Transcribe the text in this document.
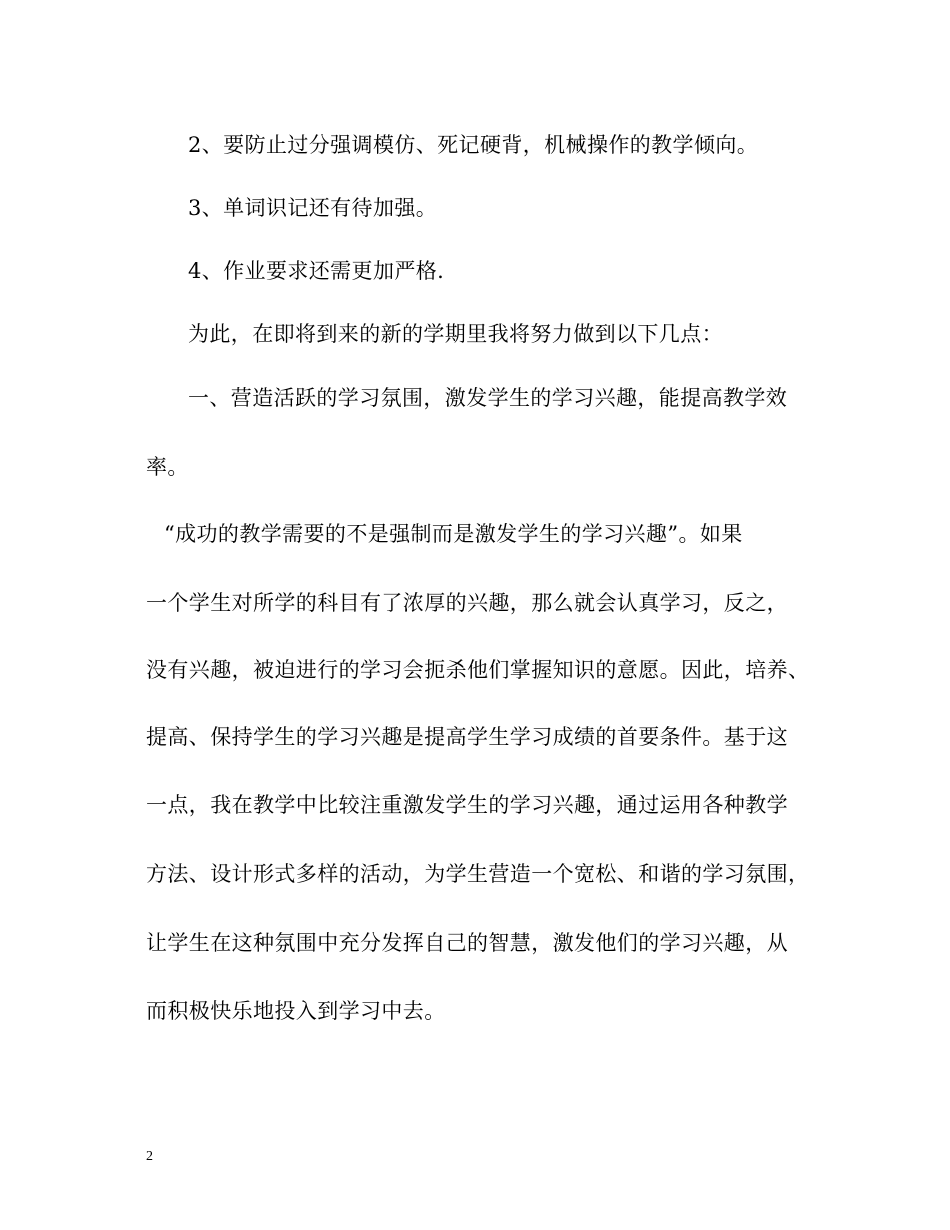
2、要防止过分强调模仿、死记硬背，机械操作的教学倾向。
3、单词识记还有待加强。
4、作业要求还需更加严格.
为此，在即将到来的新的学期里我将努力做到以下几点：
一、营造活跃的学习氛围，激发学生的学习兴趣，能提高教学效
率。
“成功的教学需要的不是强制而是激发学生的学习兴趣”。如果
一个学生对所学的科目有了浓厚的兴趣，那么就会认真学习，反之，
没有兴趣，被迫进行的学习会扼杀他们掌握知识的意愿。因此，培养、
提高、保持学生的学习兴趣是提高学生学习成绩的首要条件。基于这
一点，我在教学中比较注重激发学生的学习兴趣，通过运用各种教学
方法、设计形式多样的活动，为学生营造一个宽松、和谐的学习氛围，
让学生在这种氛围中充分发挥自己的智慧，激发他们的学习兴趣，从
而积极快乐地投入到学习中去。
2
